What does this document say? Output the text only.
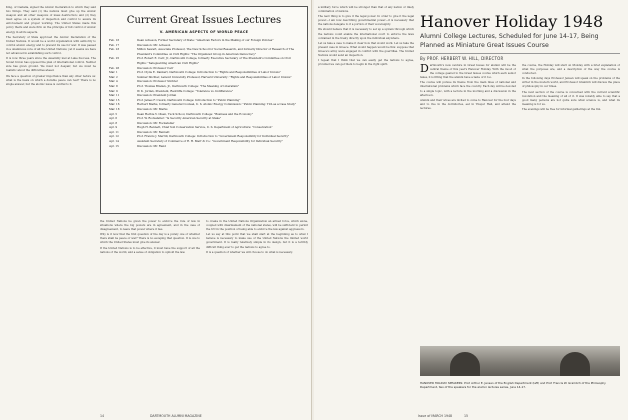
King, of Castalia, signed the Atomic Declaration to which they said two things. They said (1) the nations must give up the atomic weapon and all other weapons of mass destruction; and (2) they must agree on a system of inspection and control to assure its enforcement and proper working. The United States made this policy theirs and were firm on the principle of full control of atomic energy in all its aspects.

The Secretary of State approved the Atomic Declaration of the United Nations. It would be a world organization with authority to control atomic energy and to prevent its use for war. It was passed in a unanimous vote of all the United Nations; yet it seems we have not advanced in establishing such control.

It is now three years since the Assembly met at Lake Success. The Soviet Union has opposed the plan of international control. Neither side has given ground. We must not despair, but we must be realistic about the difficulties ahead.

We face a question of greater importance than any other before us: what is the basis on which a durable peace can rest? There is no single answer, but the atomic issue is central to it.

Current Great Issues Lectures
V. AMERICAN ASPECTS OF WORLD PEACE
Feb. 16	Dean Acheson, Former Secretary of State: "American Factors in the Making of our Foreign Policies"
Feb. 17	Discussion: Mr. Acheson
Feb. 23	Milton Sewart, Associate Professor, The New School for Social Research, and formerly Director of Research of The President's Committee on Civil Rights: "The Organized Group in American Democracy"
Feb. 25	Prof. Robert E. Carr, Jr., Dartmouth College, formerly Executive Secretary of The President's Committee on Civil Rights: "Safeguarding American Civil Rights"
Feb. 26	Discussion: Professor Carr
Mar. 1	Prof. Clyde E. Dankert, Dartmouth College: Introduction to "Rights and Responsibilities of Labor Unions"
Mar. 2	Sumner Slichter, Lamont University Professor, Harvard University: "Rights and Responsibilities of Labor Unions"
Mar. 4	Discussion: Professor Slichter
Mar. 8	Prof. Thomas Braden, Jr., Dartmouth College: "The Meaning of Liberalism"
Mar. 9	W. K. Jordan, President, Radcliffe College: "Tolerance vs. Indifference"
Mar. 11	Discussion: President Jordan
Mar. 15	Prof. James F. Cusick, Dartmouth College: Introduction to "Public Planning"
Mar. 16	Herbert Marks, formerly General Counsel, U. S. Atomic Energy Commission: "Public Planning: TVA as a Case Study"
Mar. 18	Discussion: Mr. Marks
Apr. 5	Dean Herbie V. Olsen, Tuck School, Dartmouth College: "Business and the Economy"
Apr. 6	Prof. W. Rockefeller: "Is Security American Security at Stake"
Apr. 8	Discussion: Mr. Rockefeller
Apr. 9	Hugh H. Bennett, Chief Soil Conservation Service, U. S. Department of Agriculture: "Conservation"
Apr. 11	Discussion: Mr. Bennett
Apr. 12	Prof. Francis J. Merrill, Dartmouth College: Introduction to "Government Responsibility for Individual Security"
Apr. 14	Assistant Secretary of Commerce of R. H. Marr & Co.: "Government Responsibility for Individual Security"
Apr. 15	Discussion: Mr. Rand

the United Nations be given the power to enforce the rule of law in situations where the big powers are in agreement, and in the case of disagreement, to leave that power where it lies.

Why is it now that the first question of the day is a purely one of whether there shall be peace or war? There is no escaping that question. It is one to which the United States must give its answer.

If the United Nations is to be effective, it must have the support of all the nations of the world, and a sense of obligation to uphold the law.

to create in the United Nations Organization an armed force, which alone, coupled with disarmament of the national states, will be sufficient to permit the UN in the position of being able to enforce the law against aggressors.

Let us say at this point that we shall start at the beginning as to what I believe is necessary to make use of the United Nations the limited world government. It is really relatively simple in its design, but it is a terribly difficult thing ever to get the nations to agree to.

It is a question of whether we will choose to do what is necessary.

14	DARTMOUTH ALUMNI MAGAZINE

a military force which will be stronger than that of any nation or likely combination of nations.

The next thing is to give it the legal power. In order to give it the legal power—I am now describing governmental power—it is necessary that the nations delegate to it a portion of their sovereignty.

We should believe that it is necessary to set up a system through which the nations could enable the international court to enforce the laws contained in the treaty directly upon the individual anywhere.

Let us take a case to make it clear how that would work. Let us take the present case in Greece. What would happen would be this: suppose that Greece's army were engaged in conflict with the guerrillas. The United Nations would send an inspection.

I repeat that I think that we can easily get the nations to agree, provided we can get them to begin in the right spirit.

Hanover Holiday 1948
Alumni College Lectures, Scheduled for June 14-17, Being Planned as Miniature Great Issues Course
By PROF. HERBERT W. HILL, DIRECTOR

Dartmouth's new venture in Great Issues for alumni will be the central theme of this year's Hanover Holiday. With the mood of the college geared to the Great Issues course which each senior takes, it is fitting that the alumni have a taste of it too.

The course will pursue its theme from the main lines of national and international problems which face the country. Each day will be devoted to a single topic, with a lecture in the morning and a discussion in the afternoon.

Alumni and their wives are invited to come to Hanover for the four days and to live in the dormitories, eat in Thayer Hall, and attend the lectures.

the course, the Holiday will start on Monday with a brief explanation of what the purposes are, and a description of the way the course is conducted.

In the following days Professor Jensen will speak on the problems of the writer in the modern world, and Professor Gramlich will discuss the place of philosophy in our times.

The next section of the course is concerned with the current scientific revolution and the meaning of all of it. It was notably able to say that a good many persons are not quite sure what science is, and what its meaning is for us.

The evenings will be free for informal gatherings at the Inn.

HANOVER HOLIDAY SPEAKERS: Prof. Arthur E. Jensen of the English Department (left) and Prof. Francis W. Gramlich of the Philosophy Department, two of the speakers for the alumni lectures series, June 14-17.
Issue of MARCH 1948	15
